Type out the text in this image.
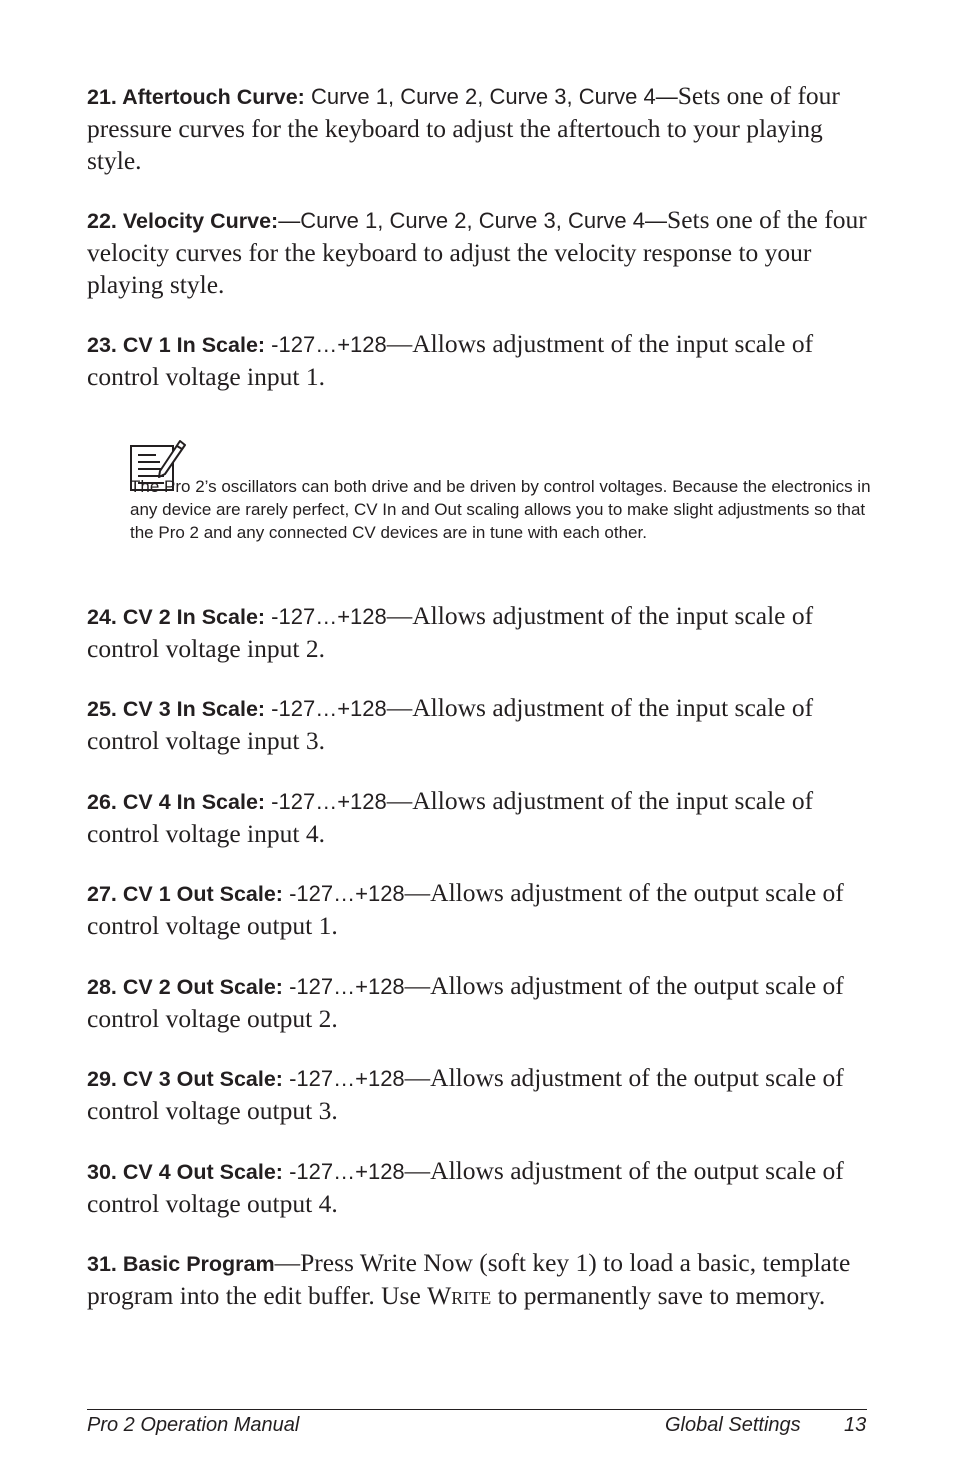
21. Aftertouch Curve: Curve 1, Curve 2, Curve 3, Curve 4—Sets one of four pressure curves for the keyboard to adjust the aftertouch to your playing style.

22. Velocity Curve:—Curve 1, Curve 2, Curve 3, Curve 4—Sets one of the four velocity curves for the keyboard to adjust the velocity response to your playing style.

23. CV 1 In Scale: -127…+128—Allows adjustment of the input scale of control voltage input 1.

The Pro 2’s oscillators can both drive and be driven by control voltages. Because the electronics in any device are rarely perfect, CV In and Out scaling allows you to make slight adjustments so that the Pro 2 and any connected CV devices are in tune with each other.

24. CV 2 In Scale: -127…+128—Allows adjustment of the input scale of control voltage input 2.

25. CV 3 In Scale: -127…+128—Allows adjustment of the input scale of control voltage input 3.

26. CV 4 In Scale: -127…+128—Allows adjustment of the input scale of control voltage input 4.

27. CV 1 Out Scale: -127…+128—Allows adjustment of the output scale of control voltage output 1.

28. CV 2 Out Scale: -127…+128—Allows adjustment of the output scale of control voltage output 2.

29. CV 3 Out Scale: -127…+128—Allows adjustment of the output scale of control voltage output 3.

30. CV 4 Out Scale: -127…+128—Allows adjustment of the output scale of control voltage output 4.

31. Basic Program—Press Write Now (soft key 1) to load a basic, template program into the edit buffer. Use Write to permanently save to memory.

Pro 2 Operation Manual	Global Settings 13
